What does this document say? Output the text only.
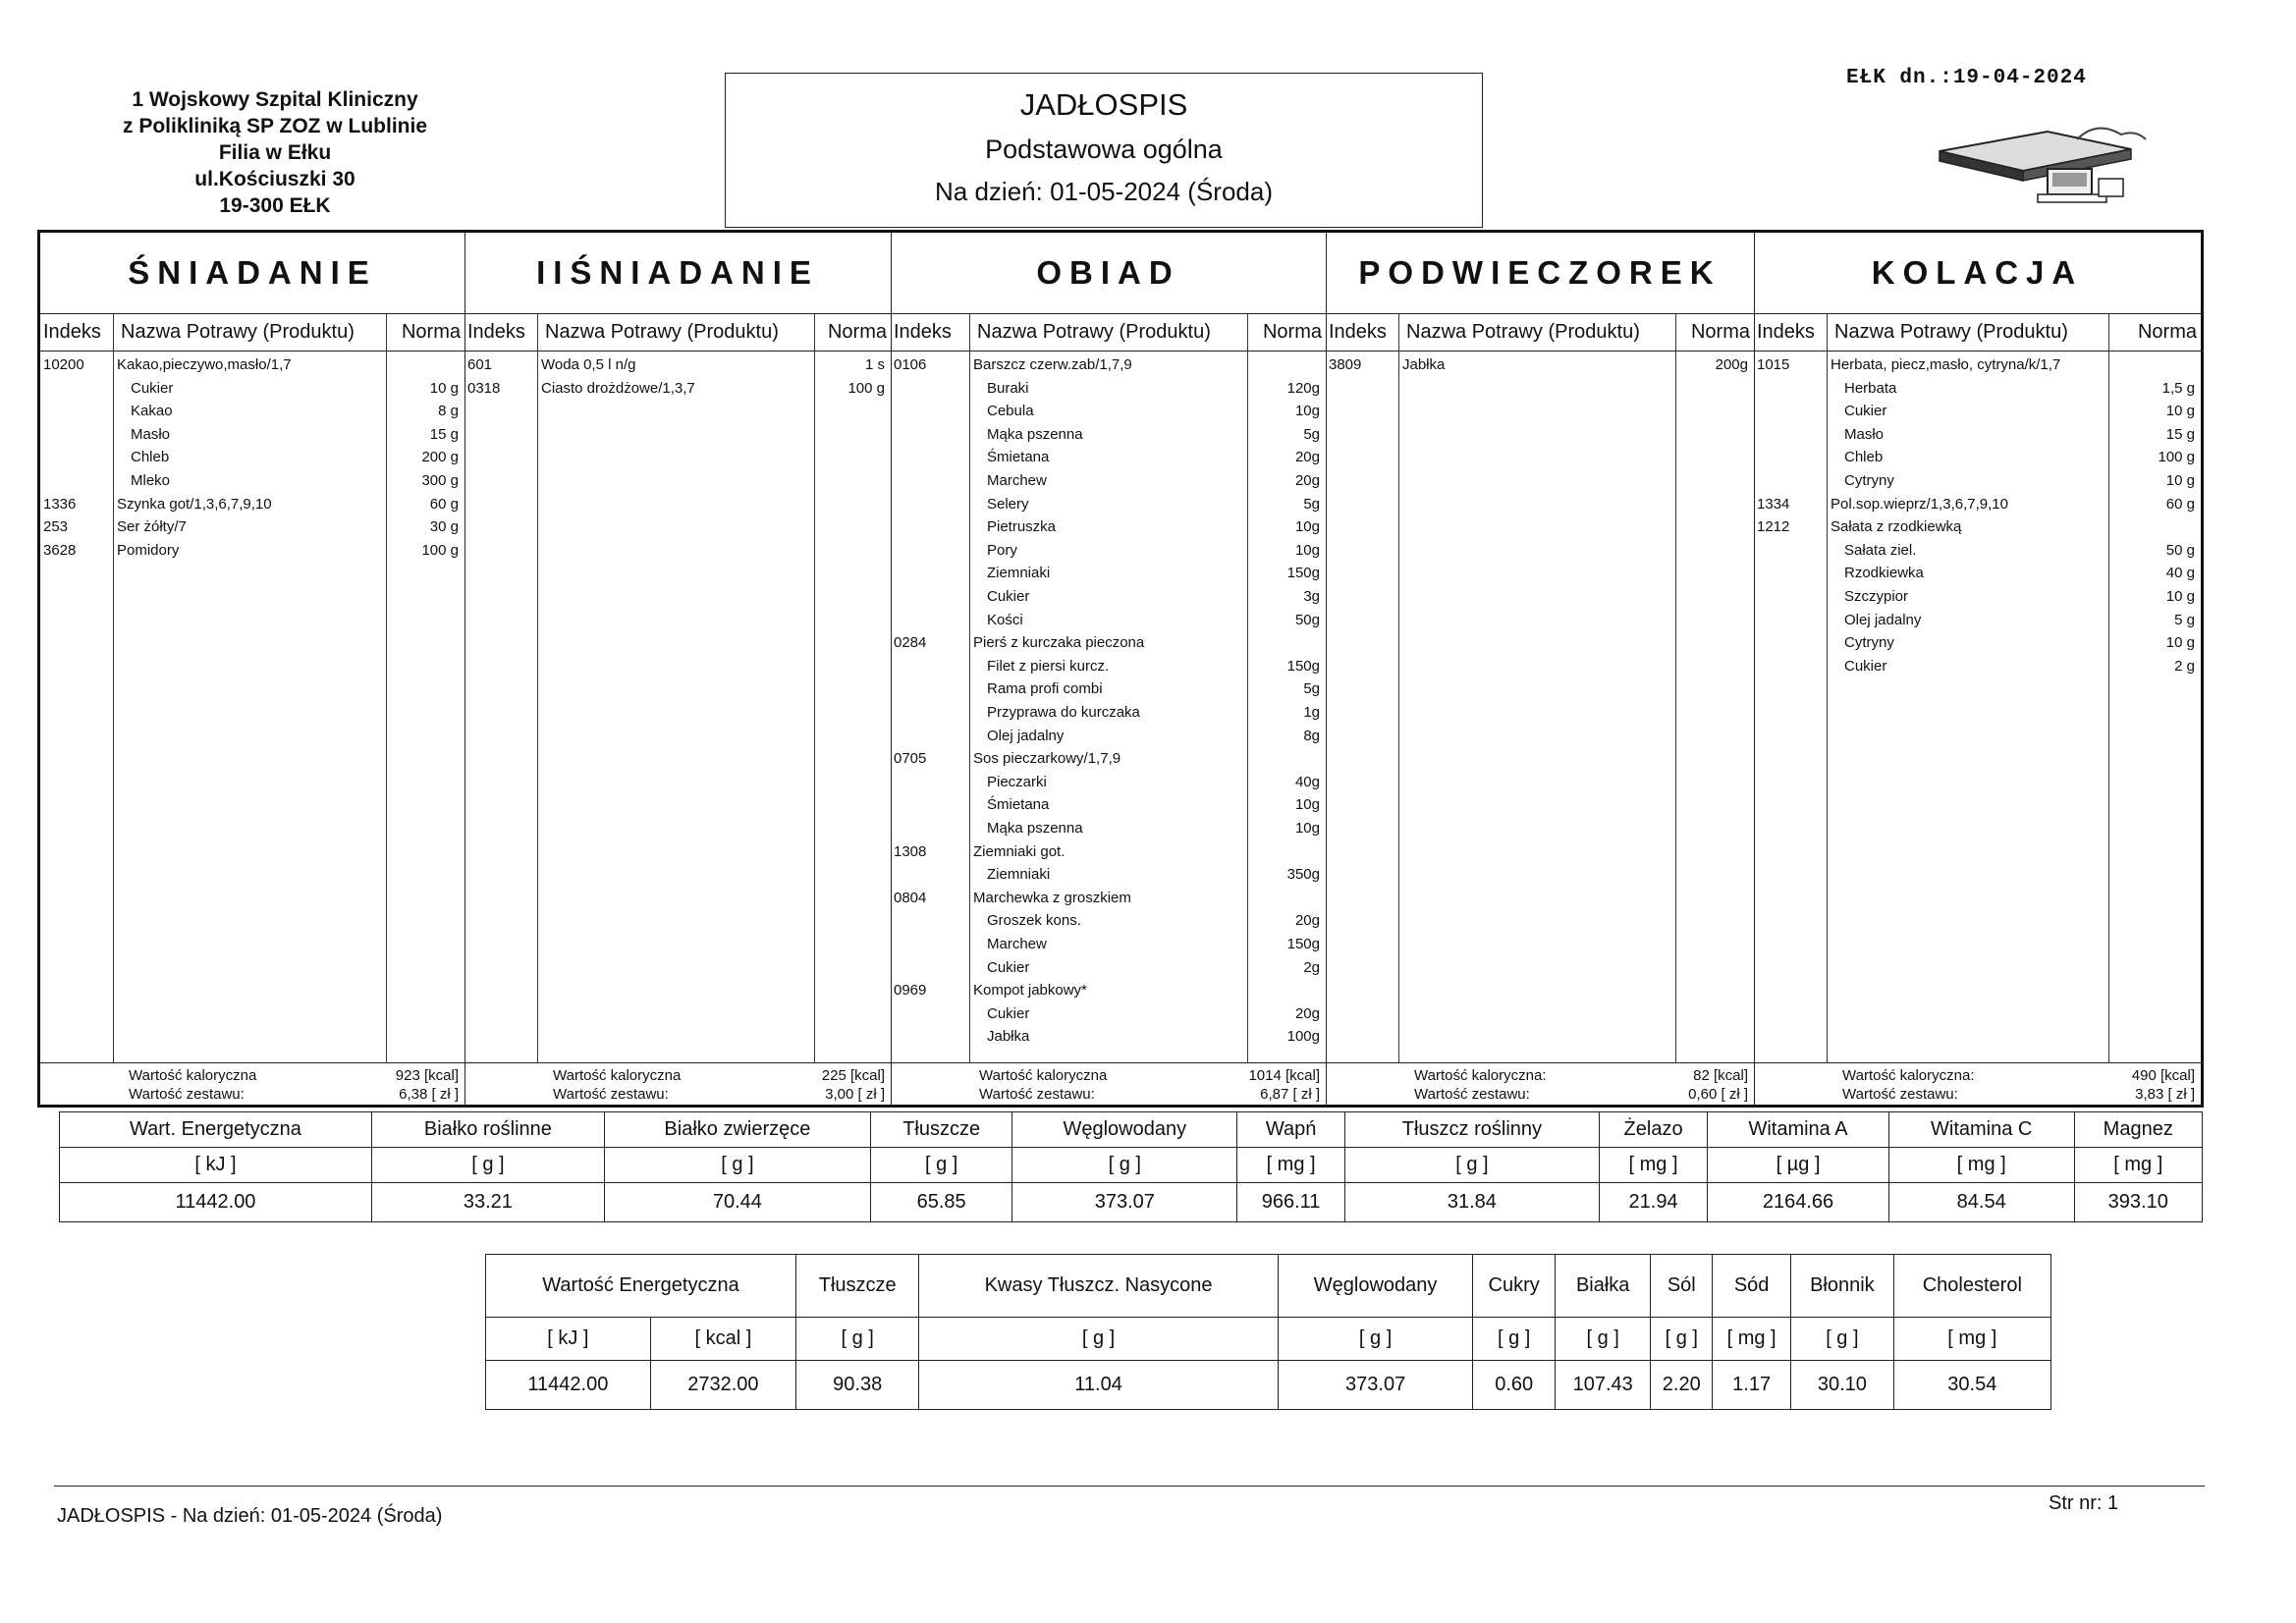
1 Wojskowy Szpital Kliniczny
z Polikliniką SP ZOZ w Lublinie
Filia w Ełku
ul.Kościuszki 30
19-300 EŁK
JADŁOSPIS
Podstawowa ogólna
Na dzień: 01-05-2024 (Środa)
EŁK dn.:19-04-2024
ŚNIADANIE
Indeks Nazwa Potrawy (Produktu) Norma
10200 Kakao,pieczywo,masło/1,7
Cukier	10 g
Kakao	8 g
Masło	15 g
Chleb	200 g
Mleko	300 g
1336	Szynka got/1,3,6,7,9,10	60 g
253	Ser żółty/7	30 g
3628	Pomidory	100 g
Wartość kaloryczna	923 [kcal]
Wartość zestawu:	6,38 [ zł ]
IIŚNIADANIE
Indeks Nazwa Potrawy (Produktu)	Norma
601	Woda 0,5 l n/g	1 s
0318	Ciasto drożdżowe/1,3,7	100 g
Wartość kaloryczna	225 [kcal]
Wartość zestawu:	3,00 [ zł ]
OBIAD
Indeks Nazwa Potrawy (Produktu)	Norma
0106	Barszcz czerw.zab/1,7,9
Buraki	120g
Cebula	10g
Mąka pszenna	5g
Śmietana	20g
Marchew	20g
Selery	5g
Pietruszka	10g
Pory	10g
Ziemniaki	150g
Cukier	3g
Kości	50g
0284	Pierś z kurczaka pieczona
Filet z piersi kurcz.	150g
Rama profi combi	5g
Przyprawa do kurczaka	1g
Olej jadalny	8g
0705	Sos pieczarkowy/1,7,9
Pieczarki	40g
Śmietana	10g
Mąka pszenna	10g
1308	Ziemniaki got.
Ziemniaki	350g
0804	Marchewka z groszkiem
Groszek kons.	20g
Marchew	150g
Cukier	2g
0969	Kompot jabkowy*
Cukier	20g
Jabłka	100g
Wartość kaloryczna	1014 [kcal]
Wartość zestawu:	6,87 [ zł ]
PODWIECZOREK
Indeks Nazwa Potrawy (Produktu)	Norma
3809	Jabłka	200g
Wartość kaloryczna:	82 [kcal]
Wartość zestawu:	0,60 [ zł ]
KOLACJA
Indeks Nazwa Potrawy (Produktu)	Norma
1015	Herbata, piecz,masło, cytryna/k/1,7
Herbata	1,5 g
Cukier	10 g
Masło	15 g
Chleb	100 g
Cytryny	10 g
1334	Pol.sop.wieprz/1,3,6,7,9,10	60 g
1212	Sałata z rzodkiewką
Sałata ziel.	50 g
Rzodkiewka	40 g
Szczypior	10 g
Olej jadalny	5 g
Cytryny	10 g
Cukier	2 g
Wartość kaloryczna:	490 [kcal]
Wartość zestawu:	3,83 [ zł ]
Wart. Energetyczna	Białko roślinne	Białko zwierzęce	Tłuszcze	Węglowodany	Wapń	Tłuszcz roślinny	Żelazo	Witamina A	Witamina C	Magnez
[ kJ ]	[ g ]	[ g ]	[ g ]	[ g ]	[ mg ]	[ g ]	[ mg ]	[ µg ]	[ mg ]	[ mg ]
11442.00	33.21	70.44	65.85	373.07	966.11	31.84	21.94	2164.66	84.54	393.10
Wartość Energetyczna		Tłuszcze	Kwasy Tłuszcz. Nasycone	Węglowodany	Cukry	Białka	Sól	Sód	Błonnik	Cholesterol
[ kJ ]	[ kcal ]	[ g ]	[ g ]	[ g ]	[ g ]	[ g ]	[ g ]	[ mg ]	[ g ]	[ mg ]
11442.00	2732.00	90.38	11.04	373.07	0.60	107.43	2.20	1.17	30.10	30.54
JADŁOSPIS - Na dzień: 01-05-2024 (Środa)
Str nr: 1
